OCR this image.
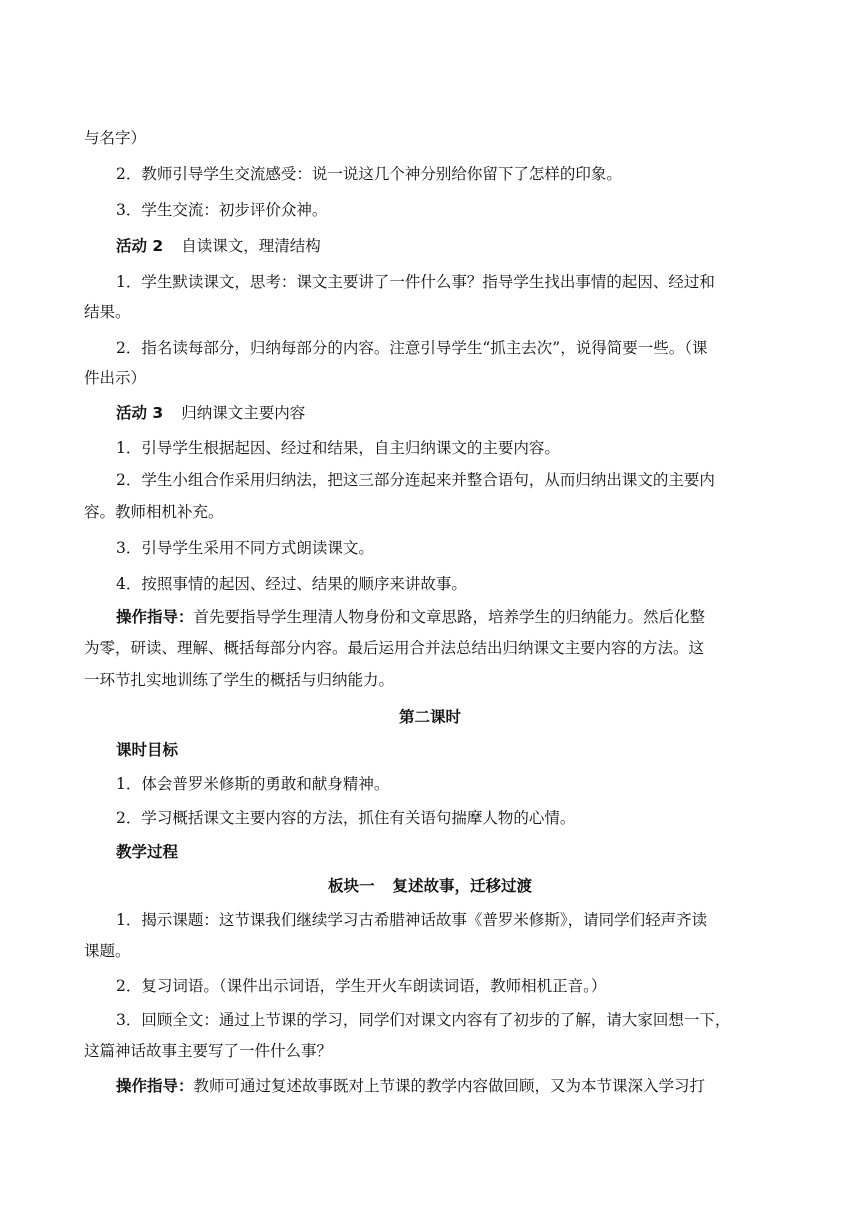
与名字）
2．教师引导学生交流感受：说一说这几个神分别给你留下了怎样的印象。
3．学生交流：初步评价众神。
活动 2 自读课文，理清结构
1．学生默读课文，思考：课文主要讲了一件什么事？指导学生找出事情的起因、经过和
结果。
2．指名读每部分，归纳每部分的内容。注意引导学生“抓主去次”，说得简要一些。（课
件出示）
活动 3 归纳课文主要内容
1．引导学生根据起因、经过和结果，自主归纳课文的主要内容。
2．学生小组合作采用归纳法，把这三部分连起来并整合语句，从而归纳出课文的主要内
容。教师相机补充。
3．引导学生采用不同方式朗读课文。
4．按照事情的起因、经过、结果的顺序来讲故事。
操作指导：首先要指导学生理清人物身份和文章思路，培养学生的归纳能力。然后化整
为零，研读、理解、概括每部分内容。最后运用合并法总结出归纳课文主要内容的方法。这
一环节扎实地训练了学生的概括与归纳能力。
第二课时
课时目标
1．体会普罗米修斯的勇敢和献身精神。
2．学习概括课文主要内容的方法，抓住有关语句揣摩人物的心情。
教学过程
板块一 复述故事，迁移过渡
1．揭示课题：这节课我们继续学习古希腊神话故事《普罗米修斯》，请同学们轻声齐读
课题。
2．复习词语。（课件出示词语，学生开火车朗读词语，教师相机正音。）
3．回顾全文：通过上节课的学习，同学们对课文内容有了初步的了解，请大家回想一下，
这篇神话故事主要写了一件什么事？
操作指导：教师可通过复述故事既对上节课的教学内容做回顾，又为本节课深入学习打
